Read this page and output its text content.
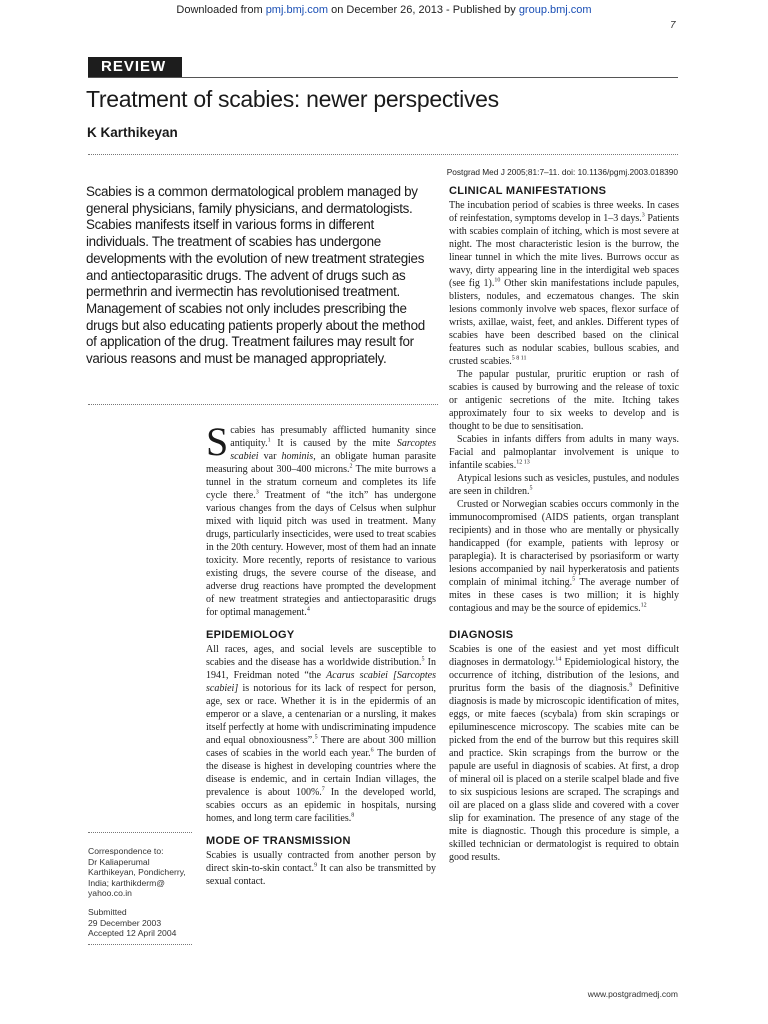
Downloaded from pmj.bmj.com on December 26, 2013 - Published by group.bmj.com
7
REVIEW
Treatment of scabies: newer perspectives
K Karthikeyan
Postgrad Med J 2005;81:7–11. doi: 10.1136/pgmj.2003.018390
Scabies is a common dermatological problem managed by general physicians, family physicians, and dermatologists. Scabies manifests itself in various forms in different individuals. The treatment of scabies has undergone developments with the evolution of new treatment strategies and antiectoparasitic drugs. The advent of drugs such as permethrin and ivermectin has revolutionised treatment. Management of scabies not only includes prescribing the drugs but also educating patients properly about the method of application of the drug. Treatment failures may result for various reasons and must be managed appropriately.
Correspondence to:
Dr Kaliaperumal Karthikeyan, Pondicherry, India; karthikderm@ yahoo.co.in
Submitted
29 December 2003
Accepted 12 April 2004

Scabies has presumably afflicted humanity since antiquity.$^1$ It is caused by the mite Sarcoptes scabiei var hominis, an obligate human parasite measuring about 300–400 microns.$^2$ The mite burrows a tunnel in the stratum corneum and completes its life cycle there.$^3$ Treatment of “the itch” has undergone various changes from the days of Celsus when sulphur mixed with liquid pitch was used in treatment. Many drugs, particularly insecticides, were used to treat scabies in the 20th century. However, most of them had an innate toxicity. More recently, reports of resistance to various existing drugs, the severe course of the disease, and adverse drug reactions have prompted the development of new treatment strategies and antiectoparasitic drugs for optimal management.$^4$

EPIDEMIOLOGY

All races, ages, and social levels are susceptible to scabies and the disease has a worldwide distribution.$^5$ In 1941, Freidman noted “the Acarus scabiei [Sarcoptes scabiei] is notorious for its lack of respect for person, age, sex or race. Whether it is in the epidermis of an emperor or a slave, a centenarian or a nursling, it makes itself perfectly at home with undiscriminating impudence and equal obnoxiousness”.$^5$ There are about 300 million cases of scabies in the world each year.$^6$ The burden of the disease is highest in developing countries where the disease is endemic, and in certain Indian villages, the prevalence is about 100%.$^7$ In the developed world, scabies occurs as an epidemic in hospitals, nursing homes, and long term care facilities.$^8$

MODE OF TRANSMISSION

Scabies is usually contracted from another person by direct skin-to-skin contact.$^9$ It can also be transmitted by sexual contact.

CLINICAL MANIFESTATIONS

The incubation period of scabies is three weeks. In cases of reinfestation, symptoms develop in 1–3 days.$^3$ Patients with scabies complain of itching, which is most severe at night. The most characteristic lesion is the burrow, the linear tunnel in which the mite lives. Burrows occur as wavy, dirty appearing line in the interdigital web spaces (see fig 1).$^{10}$ Other skin manifestations include papules, blisters, nodules, and eczematous changes. The skin lesions commonly involve web spaces, flexor surface of wrists, axillae, waist, feet, and ankles. Different types of scabies have been described based on the clinical features such as nodular scabies, bullous scabies, and crusted scabies.$^{5 8 11}$

The papular pustular, pruritic eruption or rash of scabies is caused by burrowing and the release of toxic or antigenic secretions of the mite. Itching takes approximately four to six weeks to develop and is thought to be due to sensitisation.

Scabies in infants differs from adults in many ways. Facial and palmoplantar involvement is unique to infantile scabies.$^{12 13}$

Atypical lesions such as vesicles, pustules, and nodules are seen in children.$^5$

Crusted or Norwegian scabies occurs commonly in the immunocompromised (AIDS patients, organ transplant recipients) and in those who are mentally or physically handicapped (for example, patients with leprosy or paraplegia). It is characterised by psoriasiform or warty lesions accompanied by nail hyperkeratosis and patients complain of minimal itching.$^5$ The average number of mites in these cases is two million; it is highly contagious and may be the source of epidemics.$^{12}$

DIAGNOSIS

Scabies is one of the easiest and yet most difficult diagnoses in dermatology.$^{14}$ Epidemiological history, the occurrence of itching, distribution of the lesions, and pruritus form the basis of the diagnosis.$^9$ Definitive diagnosis is made by microscopic identification of mites, eggs, or mite faeces (scybala) from skin scrapings or epiluminescence microscopy. The scabies mite can be picked from the end of the burrow but this requires skill and practice. Skin scrapings from the burrow or the papule are useful in diagnosis of scabies. At first, a drop of mineral oil is placed on a sterile scalpel blade and five to six suspicious lesions are scraped. The scrapings and oil are placed on a glass slide and covered with a cover slip for examination. The presence of any stage of the mite is diagnostic. Though this procedure is simple, a skilled technician or dermatologist is required to obtain good results.

www.postgradmedj.com
